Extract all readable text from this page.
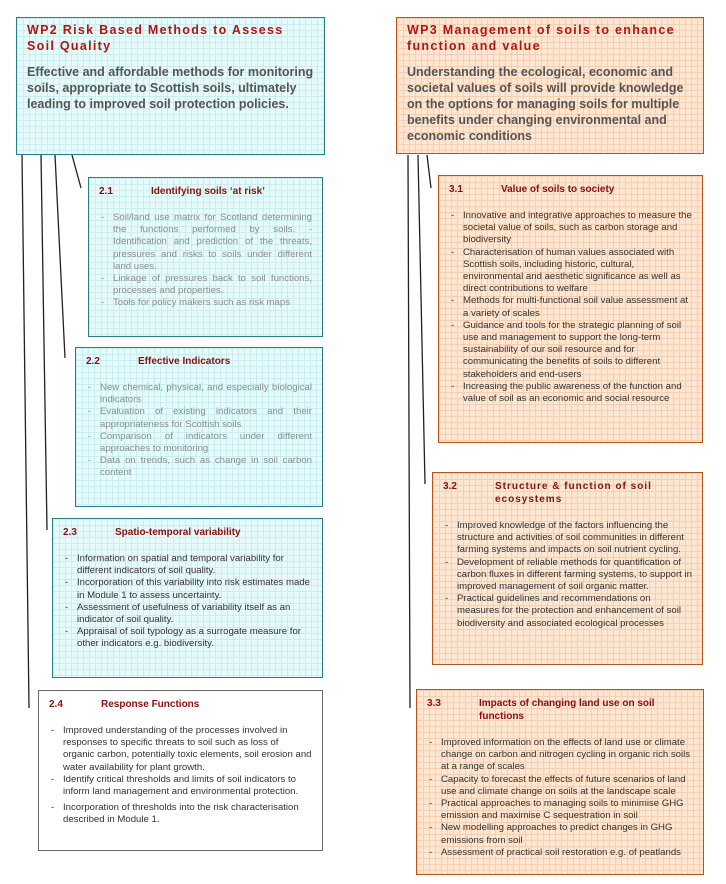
WP2 Risk Based Methods to Assess Soil Quality

Effective and affordable methods for monitoring soils, appropriate to Scottish soils, ultimately leading to improved soil protection policies.

2.1	Identifying soils ‘at risk’
- Soil/land use matrix for Scotland determining the functions performed by soils. - Identification and prediction of the threats, pressures and risks to soils under different land uses.
- Linkage of pressures back to soil functions, processes and properties.
- Tools for policy makers such as risk maps
2.2	Effective Indicators
- New chemical, physical, and especially biological indicators
- Evaluation of existing indicators and their appropriateness for Scottish soils
- Comparison of indicators under different approaches to monitoring
- Data on trends, such as change in soil carbon content
2.3	Spatio-temporal variability
- Information on spatial and temporal variability for different indicators of soil quality.
- Incorporation of this variability into risk estimates made in Module 1 to assess uncertainty.
- Assessment of usefulness of variability itself as an indicator of soil quality.
- Appraisal of soil typology as a surrogate measure for other indicators e.g. biodiversity.
2.4	Response Functions
- Improved understanding of the processes involved in responses to specific threats to soil such as loss of organic carbon, potentially toxic elements, soil erosion and water availability for plant growth.
- Identify critical thresholds and limits of soil indicators to inform land management and environmental protection.
- Incorporation of thresholds into the risk characterisation described in Module 1.

WP3 Management of soils to enhance function and value

Understanding the ecological, economic and societal values of soils will provide knowledge on the options for managing soils for multiple benefits under changing environmental and economic conditions

3.1	Value of soils to society
- Innovative and integrative approaches to measure the societal value of soils, such as carbon storage and biodiversity
- Characterisation of human values associated with Scottish soils, including historic, cultural, environmental and aesthetic significance as well as direct contributions to welfare
- Methods for multi-functional soil value assessment at a variety of scales
- Guidance and tools for the strategic planning of soil use and management to support the long-term sustainability of our soil resource and for communicating the benefits of soils to different stakeholders and end-users
- Increasing the public awareness of the function and value of soil as an economic and social resource
3.2	Structure & function of soil ecosystems
- Improved knowledge of the factors influencing the structure and activities of soil communities in different farming systems and impacts on soil nutrient cycling.
- Development of reliable methods for quantification of carbon fluxes in different farming systems, to support in improved management of soil organic matter.
- Practical guidelines and recommendations on measures for the protection and enhancement of soil biodiversity and associated ecological processes
3.3	Impacts of changing land use on soil functions
- Improved information on the effects of land use or climate change on carbon and nitrogen cycling in organic rich soils at a range of scales
- Capacity to forecast the effects of future scenarios of land use and climate change on soils at the landscape scale
- Practical approaches to managing soils to minimise GHG emission and maximise C sequestration in soil
- New modelling approaches to predict changes in GHG emissions from soil
- Assessment of practical soil restoration e.g. of peatlands
